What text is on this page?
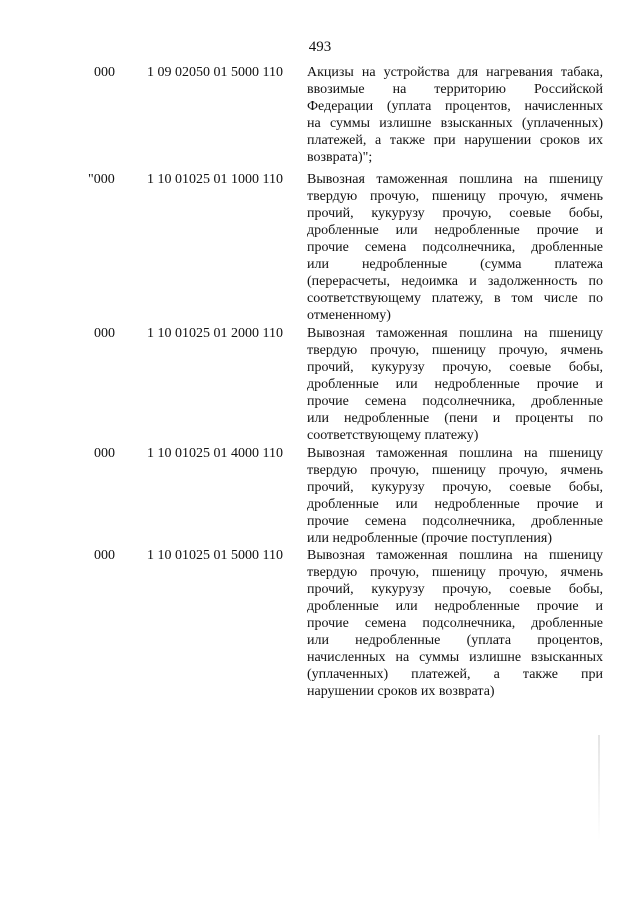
493
000	1 09 02050 01 5000 110	Акцизы на устройства для нагревания табака,
ввозимые на территорию Российской
Федерации (уплата процентов, начисленных
на суммы излишне взысканных (уплаченных)
платежей, а также при нарушении сроков их
возврата)";
"000	1 10 01025 01 1000 110	Вывозная таможенная пошлина на пшеницу
твердую прочую, пшеницу прочую, ячмень
прочий, кукурузу прочую, соевые бобы,
дробленные или недробленные прочие и
прочие семена подсолнечника, дробленные
или недробленные (сумма платежа
(перерасчеты, недоимка и задолженность по
соответствующему платежу, в том числе по
отмененному)
000	1 10 01025 01 2000 110	Вывозная таможенная пошлина на пшеницу
твердую прочую, пшеницу прочую, ячмень
прочий, кукурузу прочую, соевые бобы,
дробленные или недробленные прочие и
прочие семена подсолнечника, дробленные
или недробленные (пени и проценты по
соответствующему платежу)
000	1 10 01025 01 4000 110	Вывозная таможенная пошлина на пшеницу
твердую прочую, пшеницу прочую, ячмень
прочий, кукурузу прочую, соевые бобы,
дробленные или недробленные прочие и
прочие семена подсолнечника, дробленные
или недробленные (прочие поступления)
000	1 10 01025 01 5000 110	Вывозная таможенная пошлина на пшеницу
твердую прочую, пшеницу прочую, ячмень
прочий, кукурузу прочую, соевые бобы,
дробленные или недробленные прочие и
прочие семена подсолнечника, дробленные
или недробленные (уплата процентов,
начисленных на суммы излишне взысканных
(уплаченных) платежей, а также при
нарушении сроков их возврата)
